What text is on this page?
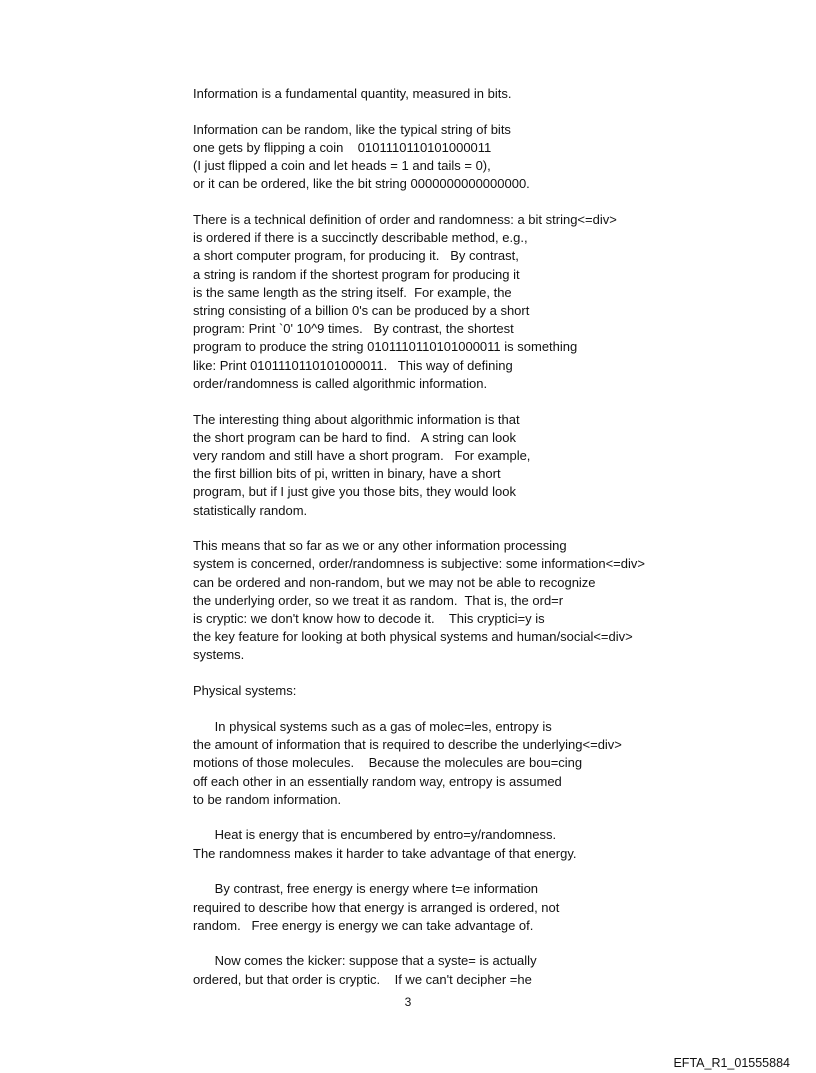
Information is a fundamental quantity, measured in bits.
Information can be random, like the typical string of bits
one gets by flipping a coin    0101110110101000011
(I just flipped a coin and let heads = 1 and tails = 0),
or it can be ordered, like the bit string 0000000000000000.
There is a technical definition of order and randomness: a bit string<=div>
is ordered if there is a succinctly describable method, e.g.,
a short computer program, for producing it.   By contrast,
a string is random if the shortest program for producing it
is the same length as the string itself.  For example, the
string consisting of a billion 0's can be produced by a short
program: Print `0' 10^9 times.   By contrast, the shortest
program to produce the string 0101110110101000011 is something
like: Print 0101110110101000011.   This way of defining
order/randomness is called algorithmic information.
The interesting thing about algorithmic information is that
the short program can be hard to find.   A string can look
very random and still have a short program.   For example,
the first billion bits of pi, written in binary, have a short
program, but if I just give you those bits, they would look
statistically random.
This means that so far as we or any other information processing
system is concerned, order/randomness is subjective: some information<=div>
can be ordered and non-random, but we may not be able to recognize
the underlying order, so we treat it as random.  That is, the ord=r
is cryptic: we don't know how to decode it.    This cryptici=y is
the key feature for looking at both physical systems and human/social<=div>
systems.
Physical systems:
In physical systems such as a gas of molec=les, entropy is
the amount of information that is required to describe the underlying<=div>
motions of those molecules.    Because the molecules are bou=cing
off each other in an essentially random way, entropy is assumed
to be random information.
Heat is energy that is encumbered by entro=y/randomness.
The randomness makes it harder to take advantage of that energy.
By contrast, free energy is energy where t=e information
required to describe how that energy is arranged is ordered, not
random.   Free energy is energy we can take advantage of.
Now comes the kicker: suppose that a syste= is actually
ordered, but that order is cryptic.    If we can't decipher =he
3
EFTA_R1_01555884
